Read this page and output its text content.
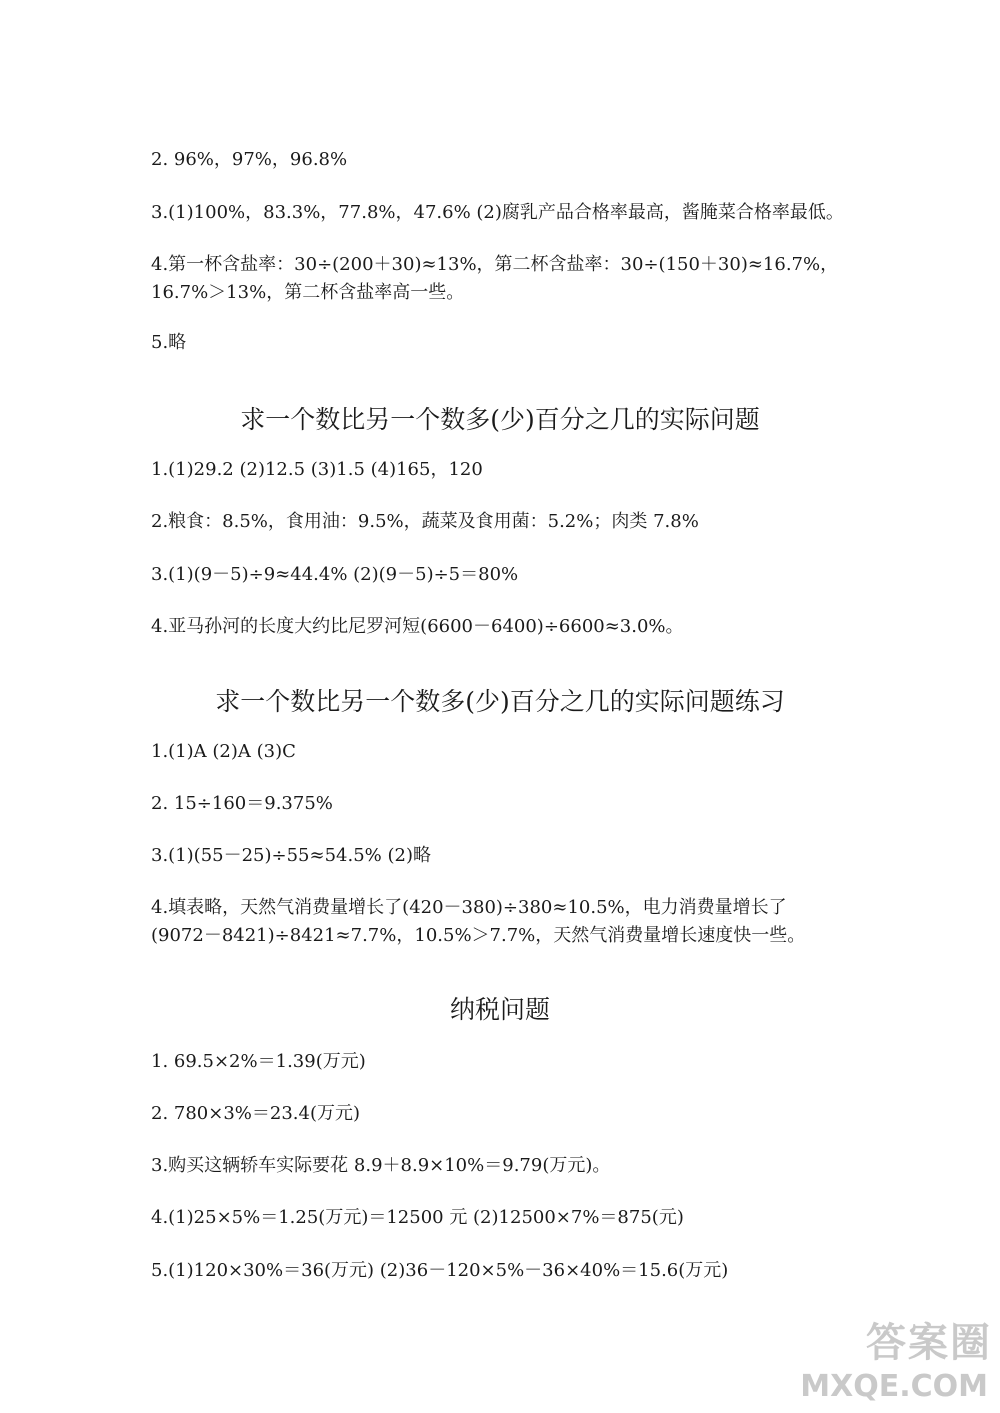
2. 96%，97%，96.8%
3.(1)100%，83.3%，77.8%，47.6% (2)腐乳产品合格率最高，酱腌菜合格率最低。
4.第一杯含盐率：30÷(200＋30)≈13%，第二杯含盐率：30÷(150＋30)≈16.7%，
16.7%＞13%，第二杯含盐率高一些。
5.略
求一个数比另一个数多(少)百分之几的实际问题
1.(1)29.2 (2)12.5 (3)1.5 (4)165，120
2.粮食：8.5%，食用油：9.5%，蔬菜及食用菌：5.2%；肉类 7.8%
3.(1)(9－5)÷9≈44.4% (2)(9－5)÷5＝80%
4.亚马孙河的长度大约比尼罗河短(6600－6400)÷6600≈3.0%。
求一个数比另一个数多(少)百分之几的实际问题练习
1.(1)A (2)A (3)C
2. 15÷160＝9.375%
3.(1)(55－25)÷55≈54.5% (2)略
4.填表略，天然气消费量增长了(420－380)÷380≈10.5%，电力消费量增长了
(9072－8421)÷8421≈7.7%，10.5%＞7.7%，天然气消费量增长速度快一些。
纳税问题
1. 69.5×2%＝1.39(万元)
2. 780×3%＝23.4(万元)
3.购买这辆轿车实际要花 8.9＋8.9×10%＝9.79(万元)。
4.(1)25×5%＝1.25(万元)＝12500 元 (2)12500×7%＝875(元)
5.(1)120×30%＝36(万元) (2)36－120×5%－36×40%＝15.6(万元)
答案圈
MXQE.COM
